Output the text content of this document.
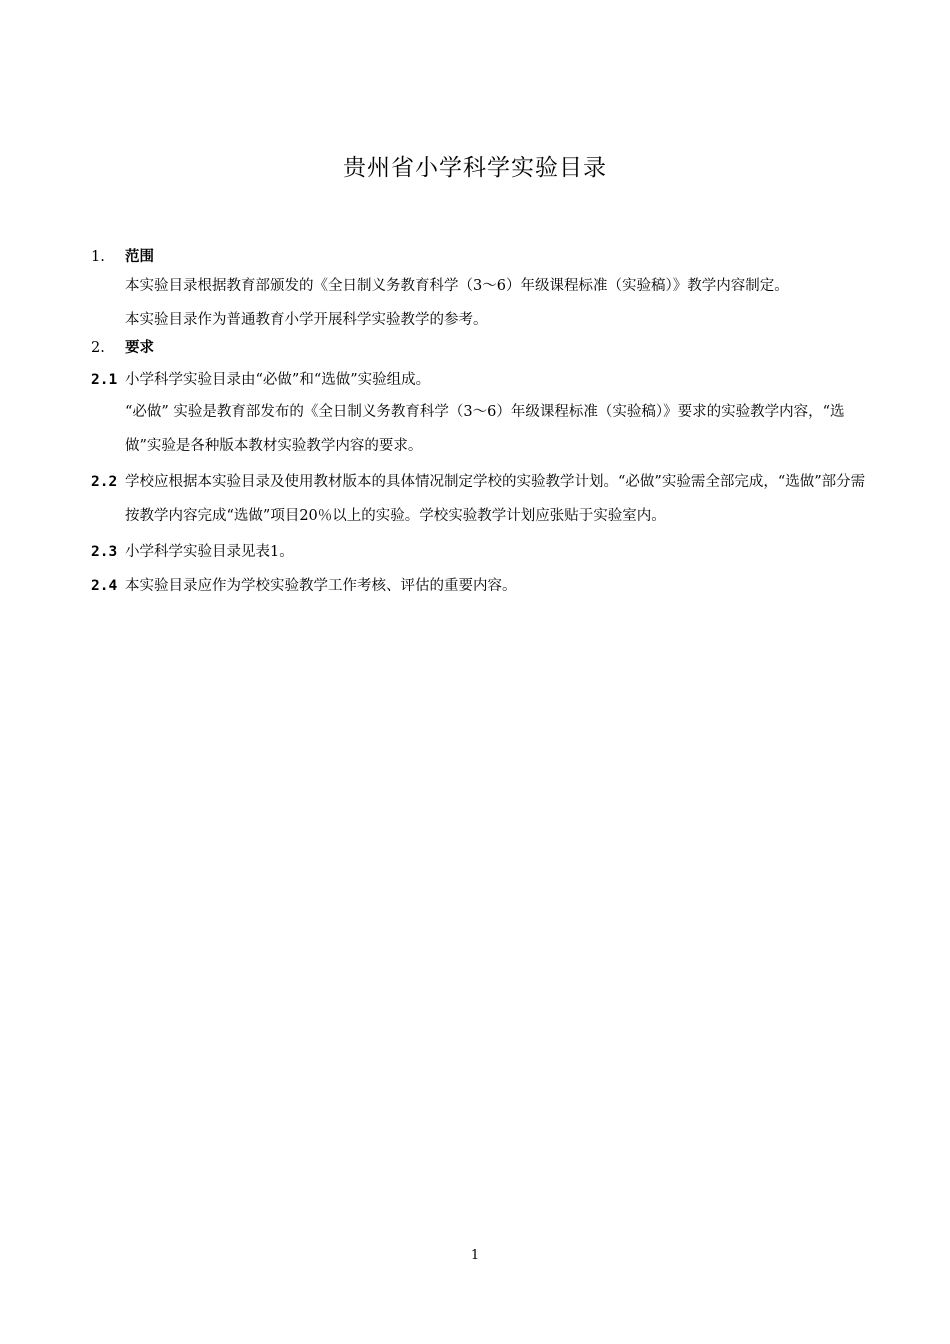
贵州省小学科学实验目录
1. 范围
本实验目录根据教育部颁发的《全日制义务教育科学（3～6）年级课程标准（实验稿）》教学内容制定。
本实验目录作为普通教育小学开展科学实验教学的参考。
2. 要求
2.1 小学科学实验目录由“必做”和“选做”实验组成。
“必做” 实验是教育部发布的《全日制义务教育科学（3～6）年级课程标准（实验稿）》要求的实验教学内容，“选做”实验是各种版本教材实验教学内容的要求。
2.2 学校应根据本实验目录及使用教材版本的具体情况制定学校的实验教学计划。“必做”实验需全部完成，“选做”部分需按教学内容完成“选做”项目20％以上的实验。学校实验教学计划应张贴于实验室内。
2.3 小学科学实验目录见表1。
2.4 本实验目录应作为学校实验教学工作考核、评估的重要内容。
1
